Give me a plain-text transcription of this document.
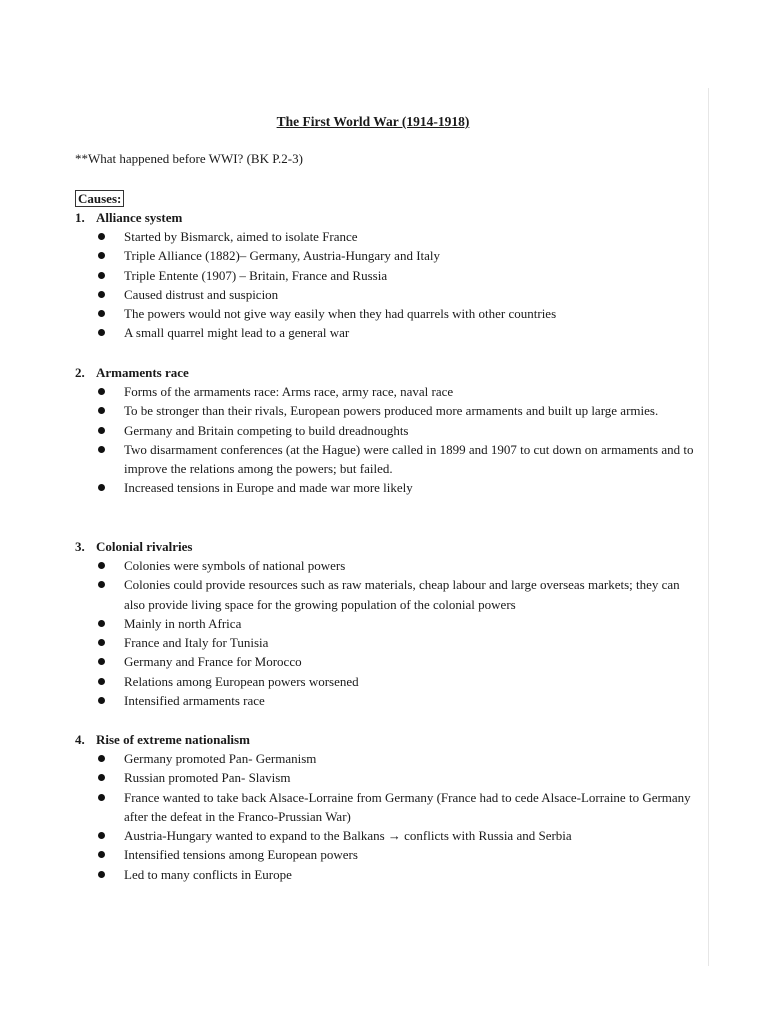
The First World War (1914-1918)
**What happened before WWI? (BK P.2-3)
Causes:
1. Alliance system
Started by Bismarck, aimed to isolate France
Triple Alliance (1882)– Germany, Austria-Hungary and Italy
Triple Entente (1907) – Britain, France and Russia
Caused distrust and suspicion
The powers would not give way easily when they had quarrels with other countries
A small quarrel might lead to a general war
2. Armaments race
Forms of the armaments race: Arms race, army race, naval race
To be stronger than their rivals, European powers produced more armaments and built up large armies.
Germany and Britain competing to build dreadnoughts
Two disarmament conferences (at the Hague) were called in 1899 and 1907 to cut down on armaments and to improve the relations among the powers; but failed.
Increased tensions in Europe and made war more likely
3. Colonial rivalries
Colonies were symbols of national powers
Colonies could provide resources such as raw materials, cheap labour and large overseas markets; they can also provide living space for the growing population of the colonial powers
Mainly in north Africa
France and Italy for Tunisia
Germany and France for Morocco
Relations among European powers worsened
Intensified armaments race
4. Rise of extreme nationalism
Germany promoted Pan- Germanism
Russian promoted Pan- Slavism
France wanted to take back Alsace-Lorraine from Germany (France had to cede Alsace-Lorraine to Germany after the defeat in the Franco-Prussian War)
Austria-Hungary wanted to expand to the Balkans → conflicts with Russia and Serbia
Intensified tensions among European powers
Led to many conflicts in Europe
